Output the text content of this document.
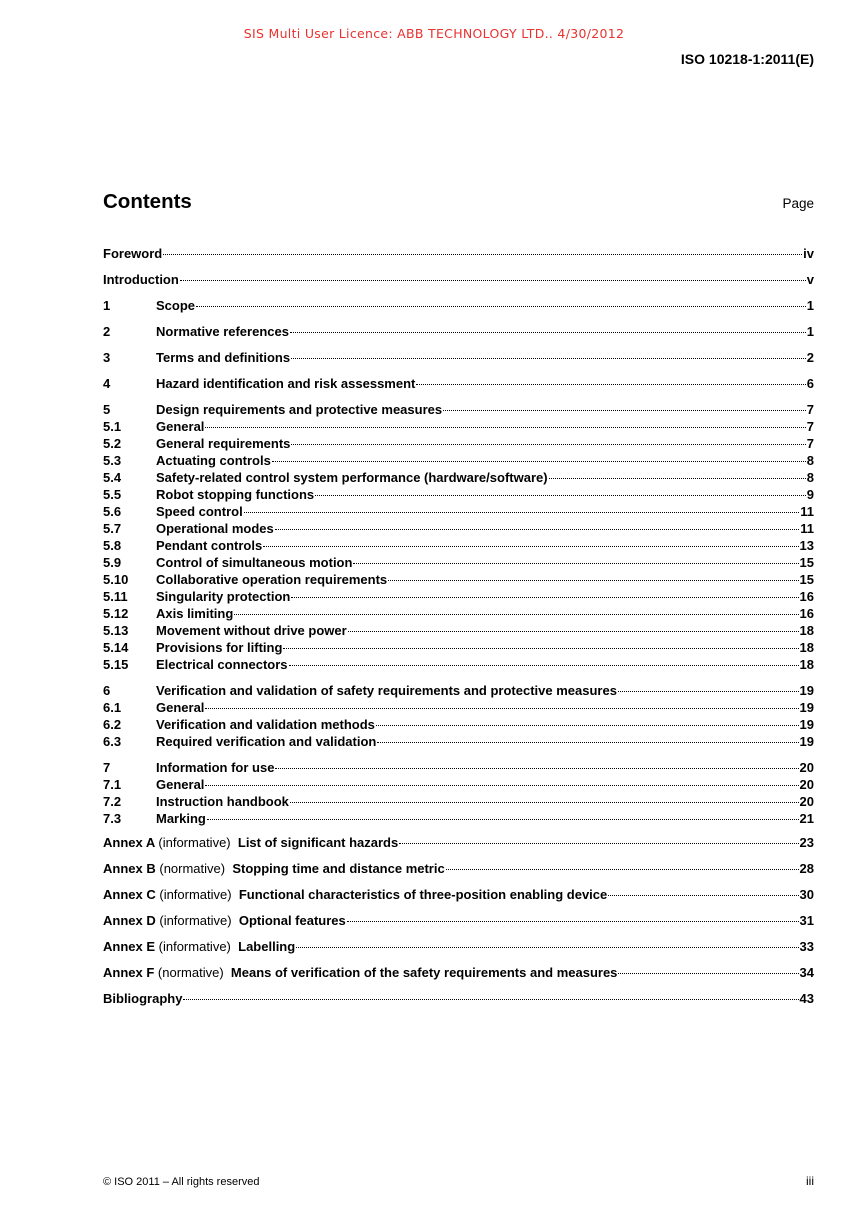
SIS Multi User Licence: ABB TECHNOLOGY LTD.. 4/30/2012
ISO 10218-1:2011(E)
Contents	Page
Foreword	iv
Introduction	v
1	Scope	1
2	Normative references	1
3	Terms and definitions	2
4	Hazard identification and risk assessment	6
5	Design requirements and protective measures	7
5.1	General	7
5.2	General requirements	7
5.3	Actuating controls	8
5.4	Safety-related control system performance (hardware/software)	8
5.5	Robot stopping functions	9
5.6	Speed control	11
5.7	Operational modes	11
5.8	Pendant controls	13
5.9	Control of simultaneous motion	15
5.10	Collaborative operation requirements	15
5.11	Singularity protection	16
5.12	Axis limiting	16
5.13	Movement without drive power	18
5.14	Provisions for lifting	18
5.15	Electrical connectors	18
6	Verification and validation of safety requirements and protective measures	19
6.1	General	19
6.2	Verification and validation methods	19
6.3	Required verification and validation	19
7	Information for use	20
7.1	General	20
7.2	Instruction handbook	20
7.3	Marking	21
Annex A (informative) List of significant hazards	23
Annex B (normative) Stopping time and distance metric	28
Annex C (informative) Functional characteristics of three-position enabling device	30
Annex D (informative) Optional features	31
Annex E (informative) Labelling	33
Annex F (normative) Means of verification of the safety requirements and measures	34
Bibliography	43
© ISO 2011 – All rights reserved	iii
